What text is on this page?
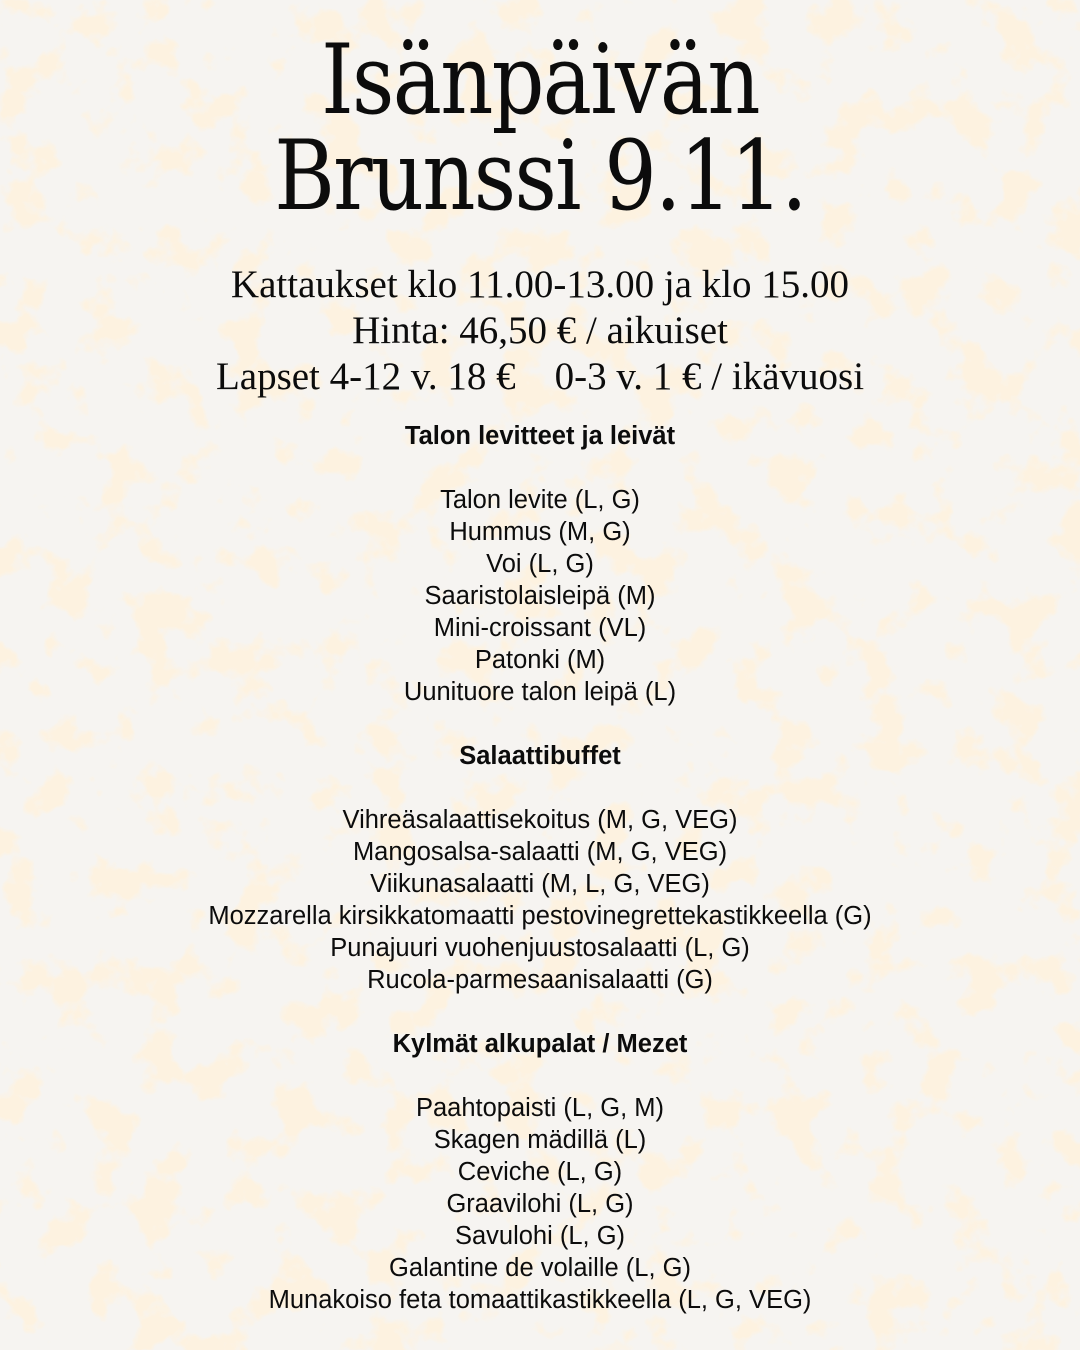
Isänpäivän
Brunssi 9.11.
Kattaukset klo 11.00-13.00 ja klo 15.00
Hinta: 46,50 € / aikuiset
Lapset 4-12 v. 18 €    0-3 v. 1 € / ikävuosi
Talon levitteet ja leivät
Talon levite (L, G)
Hummus (M, G)
Voi (L, G)
Saaristolaisleipä (M)
Mini-croissant (VL)
Patonki (M)
Uunituore talon leipä (L)
Salaattibuffet
Vihreäsalaattisekoitus (M, G, VEG)
Mangosalsa-salaatti (M, G, VEG)
Viikunasalaatti (M, L, G, VEG)
Mozzarella kirsikkatomaatti pestovinegrettekastikkeella (G)
Punajuuri vuohenjuustosalaatti (L, G)
Rucola-parmesaanisalaatti (G)
Kylmät alkupalat / Mezet
Paahtopaisti (L, G, M)
Skagen mädillä (L)
Ceviche (L, G)
Graavilohi (L, G)
Savulohi (L, G)
Galantine de volaille (L, G)
Munakoiso feta tomaattikastikkeella (L, G, VEG)
